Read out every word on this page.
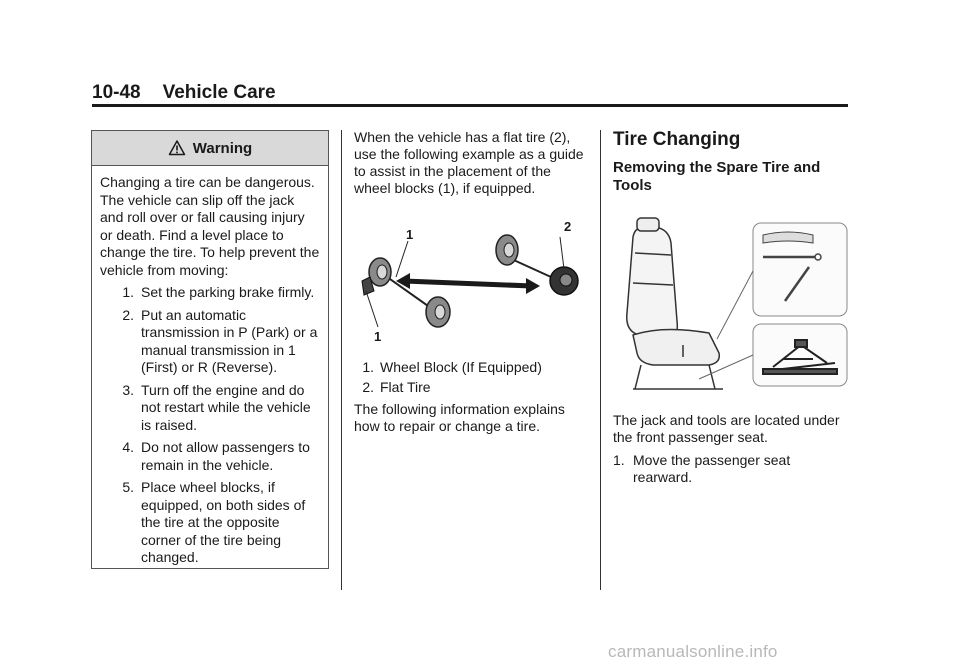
10-48 Vehicle Care
Warning

Changing a tire can be dangerous. The vehicle can slip off the jack and roll over or fall causing injury or death. Find a level place to change the tire. To help prevent the vehicle from moving:

1. Set the parking brake firmly.
2. Put an automatic transmission in P (Park) or a manual transmission in 1 (First) or R (Reverse).
3. Turn off the engine and do not restart while the vehicle is raised.
4. Do not allow passengers to remain in the vehicle.
5. Place wheel blocks, if equipped, on both sides of the tire at the opposite corner of the tire being changed.

When the vehicle has a flat tire (2), use the following example as a guide to assist in the placement of the wheel blocks (1), if equipped.

1
2
1
1. Wheel Block (If Equipped)
2. Flat Tire

The following information explains how to repair or change a tire.

Tire Changing
Removing the Spare Tire and Tools

The jack and tools are located under the front passenger seat.

1. Move the passenger seat rearward.
carmanualsonline.info
